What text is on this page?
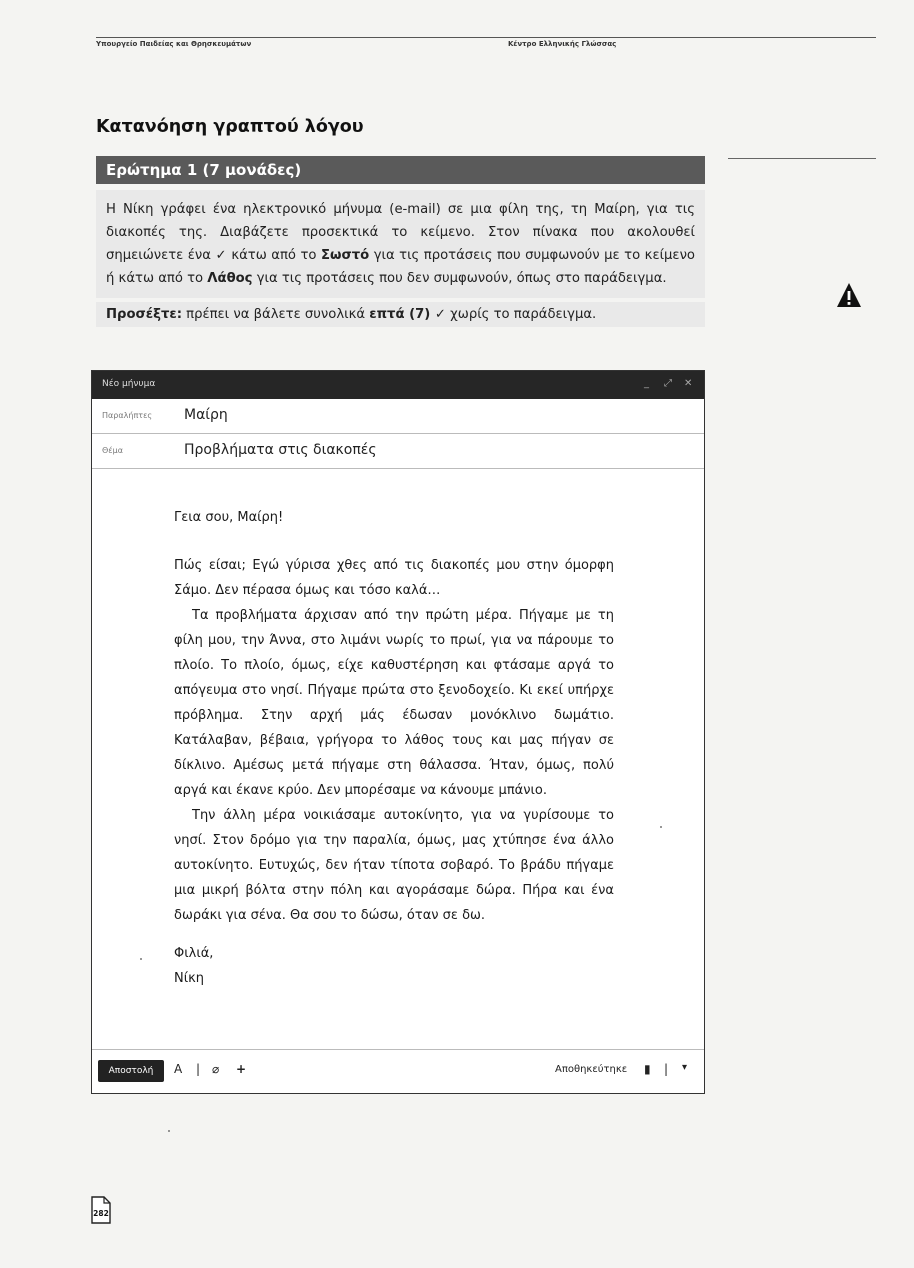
Υπουργείο Παιδείας και Θρησκευμάτων	Κέντρο Ελληνικής Γλώσσας
Κατανόηση γραπτού λόγου
Ερώτημα 1 (7 μονάδες)

Η Νίκη γράφει ένα ηλεκτρονικό μήνυμα (e-mail) σε μια φίλη της, τη Μαίρη, για τις διακοπές της. Διαβάζετε προσεκτικά το κείμενο. Στον πίνακα που ακολουθεί σημειώνετε ένα ✓ κάτω από το Σωστό για τις προτάσεις που συμφωνούν με το κείμενο ή κάτω από το Λάθος για τις προτάσεις που δεν συμφωνούν, όπως στο παράδειγμα.

Προσέξτε: πρέπει να βάλετε συνολικά επτά (7) ✓ χωρίς το παράδειγμα.

Νέο μήνυμα	_ ⤢ ✕
Παραλήπτες Μαίρη
Θέμα	Προβλήματα στις διακοπές
Γεια σου, Μαίρη!

Πώς είσαι; Εγώ γύρισα χθες από τις διακοπές μου στην όμορφη Σάμο. Δεν πέρασα όμως και τόσο καλά…

Τα προβλήματα άρχισαν από την πρώτη μέρα. Πήγαμε με τη φίλη μου, την Άννα, στο λιμάνι νωρίς το πρωί, για να πάρουμε το πλοίο. Το πλοίο, όμως, είχε καθυστέρηση και φτάσαμε αργά το απόγευμα στο νησί. Πήγαμε πρώτα στο ξενοδοχείο. Κι εκεί υπήρχε πρόβλημα. Στην αρχή μάς έδωσαν μονόκλινο δωμάτιο. Κατάλαβαν, βέβαια, γρήγορα το λάθος τους και μας πήγαν σε δίκλινο. Αμέσως μετά πήγαμε στη θάλασσα. Ήταν, όμως, πολύ αργά και έκανε κρύο. Δεν μπορέσαμε να κάνουμε μπάνιο.

Την άλλη μέρα νοικιάσαμε αυτοκίνητο, για να γυρίσουμε το νησί. Στον δρόμο για την παραλία, όμως, μας χτύπησε ένα άλλο αυτοκίνητο. Ευτυχώς, δεν ήταν τίποτα σοβαρό. Το βράδυ πήγαμε μια μικρή βόλτα στην πόλη και αγοράσαμε δώρα. Πήρα και ένα δωράκι για σένα. Θα σου το δώσω, όταν σε δω.

Φιλιά,
Νίκη
Αποστολή	A | ⌀ +	Αποθηκεύτηκε ▮ | ▾
282
